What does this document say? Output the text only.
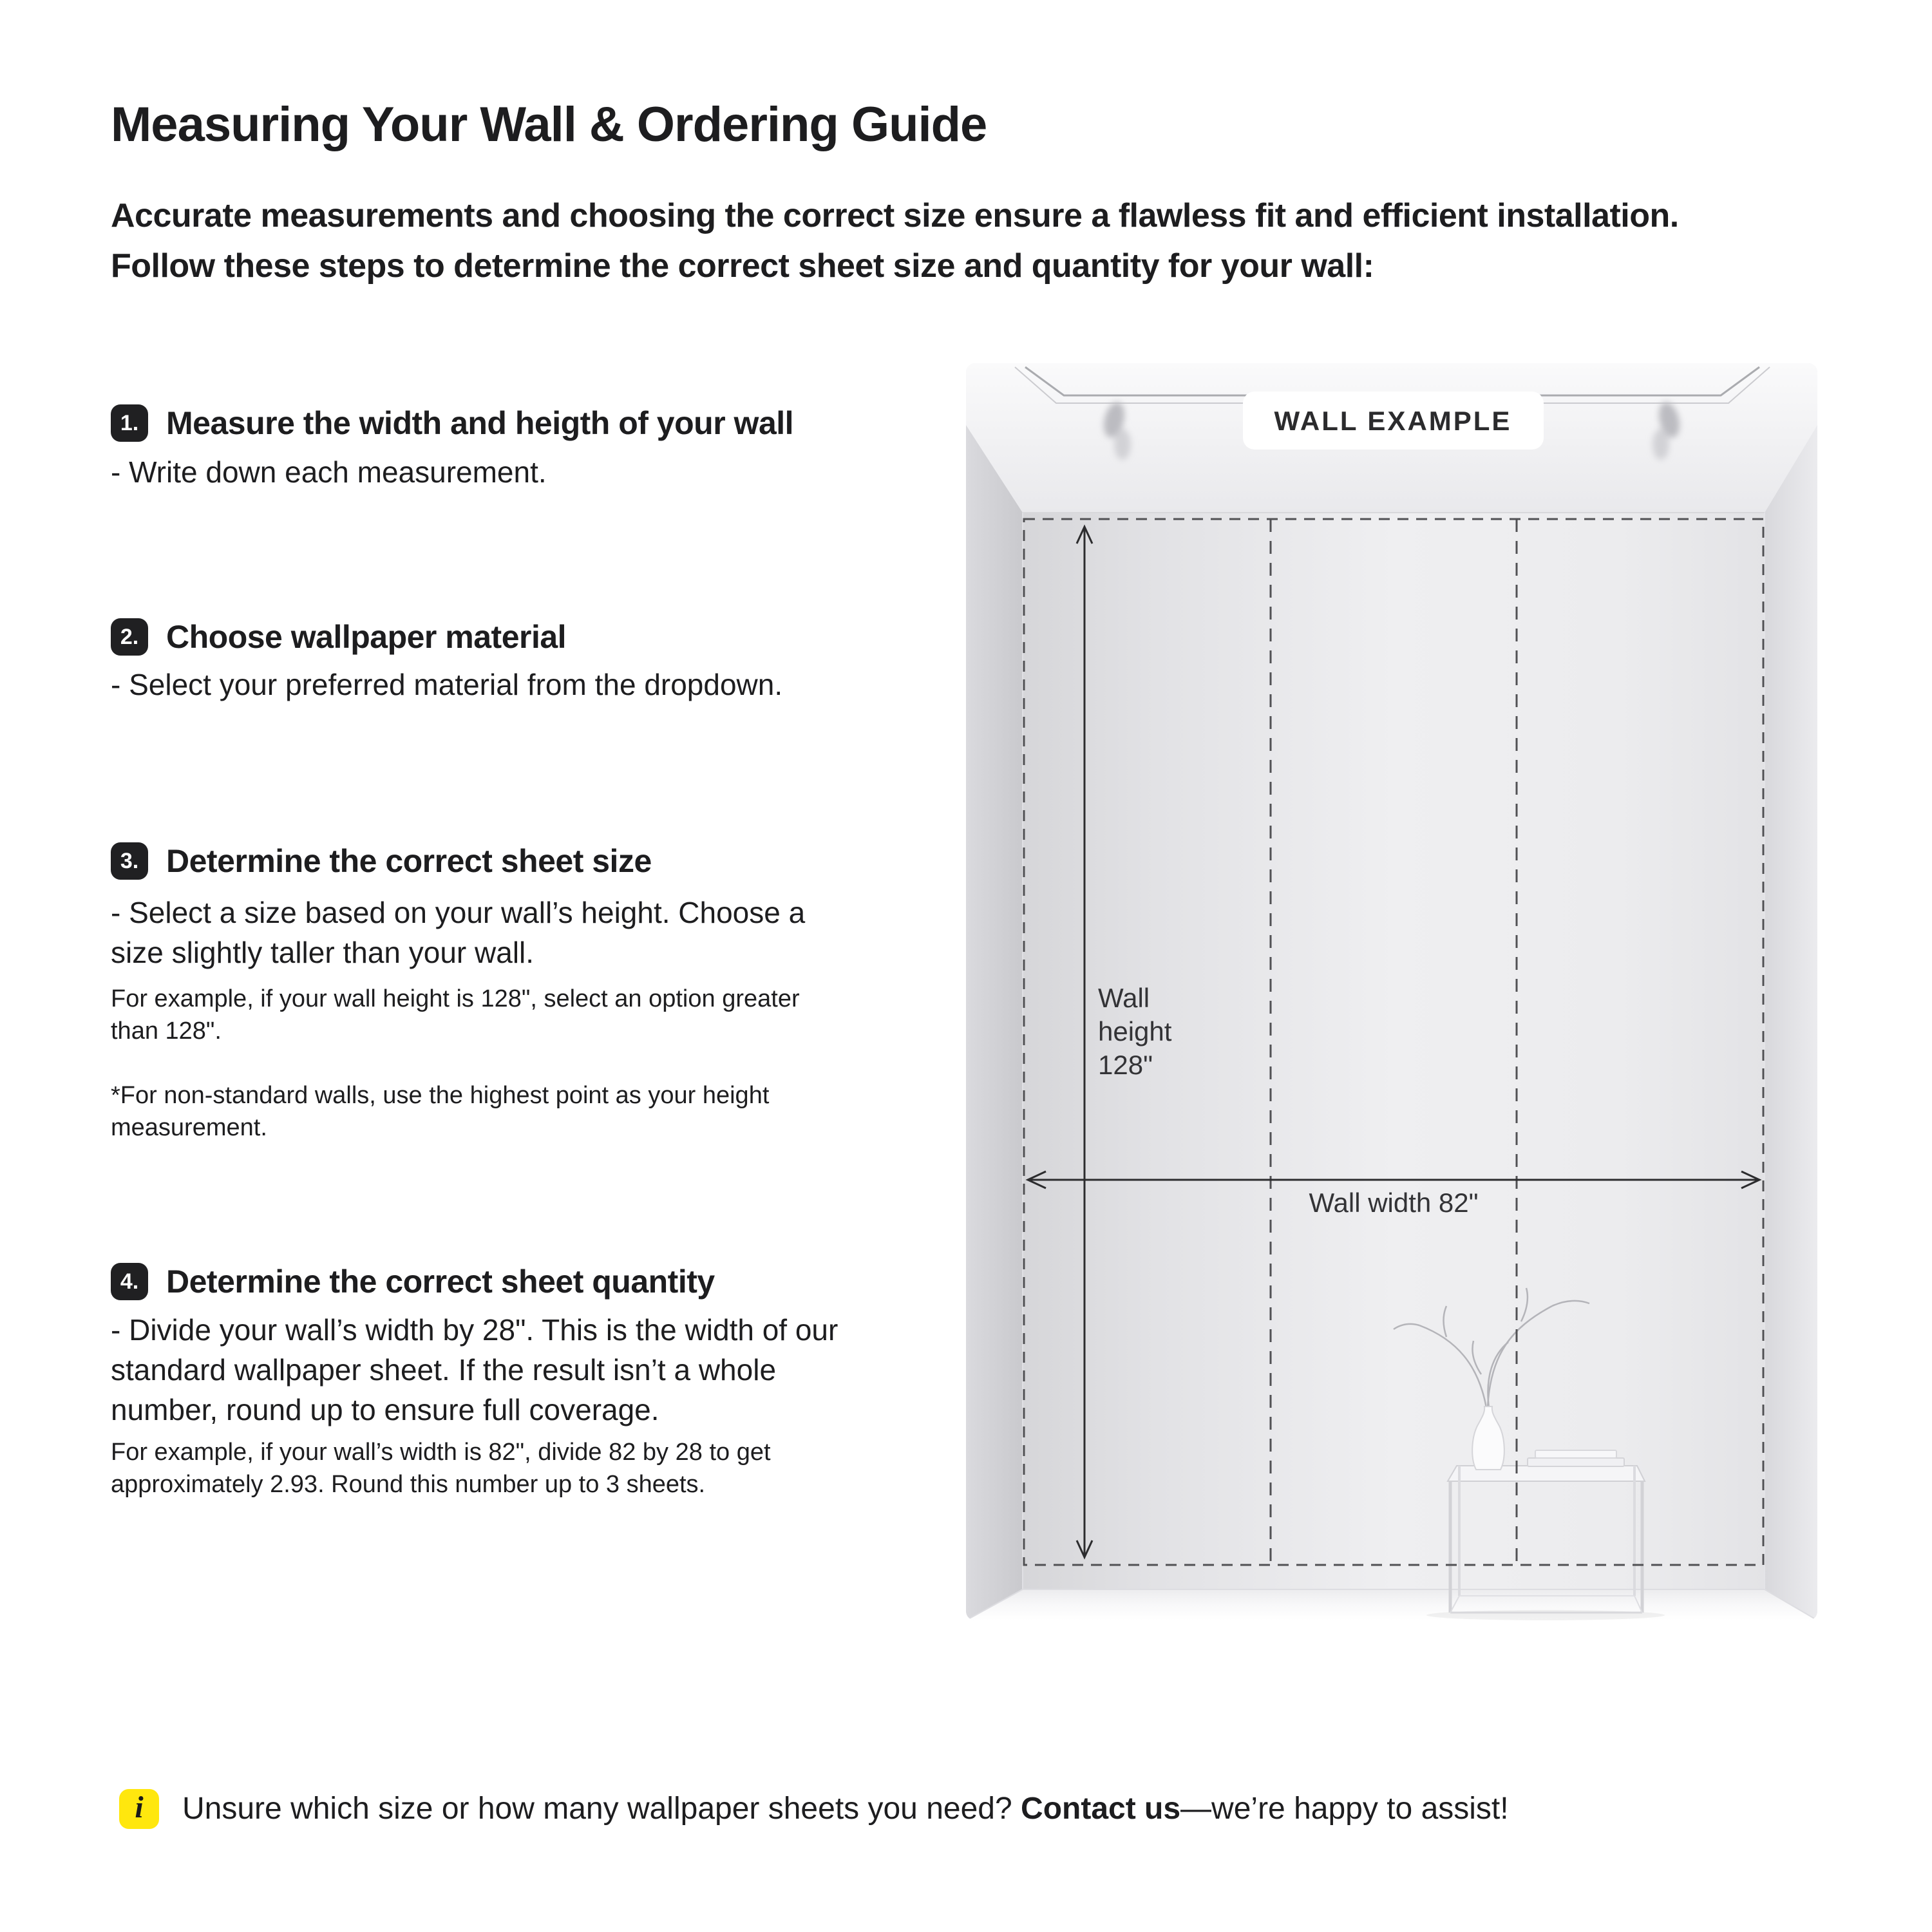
Measuring Your Wall & Ordering Guide
Accurate measurements and choosing the correct size ensure a flawless fit and efficient installation.
Follow these steps to determine the correct sheet size and quantity for your wall:
1. Measure the width and heigth of your wall
- Write down each measurement.
2. Choose wallpaper material
- Select your preferred material from the dropdown.
3. Determine the correct sheet size
- Select a size based on your wall’s height. Choose a
size slightly taller than your wall.
For example, if your wall height is 128", select an option greater
than 128".
*For non-standard walls, use the highest point as your height
measurement.
4. Determine the correct sheet quantity
- Divide your wall’s width by 28". This is the width of our
standard wallpaper sheet. If the result isn’t a whole
number, round up to ensure full coverage.
For example, if your wall’s width is 82", divide 82 by 28 to get
approximately 2.93. Round this number up to 3 sheets.
Wall
height
128"
Wall width 82"
WALL EXAMPLE
i Unsure which size or how many wallpaper sheets you need? Contact us—we’re happy to assist!
